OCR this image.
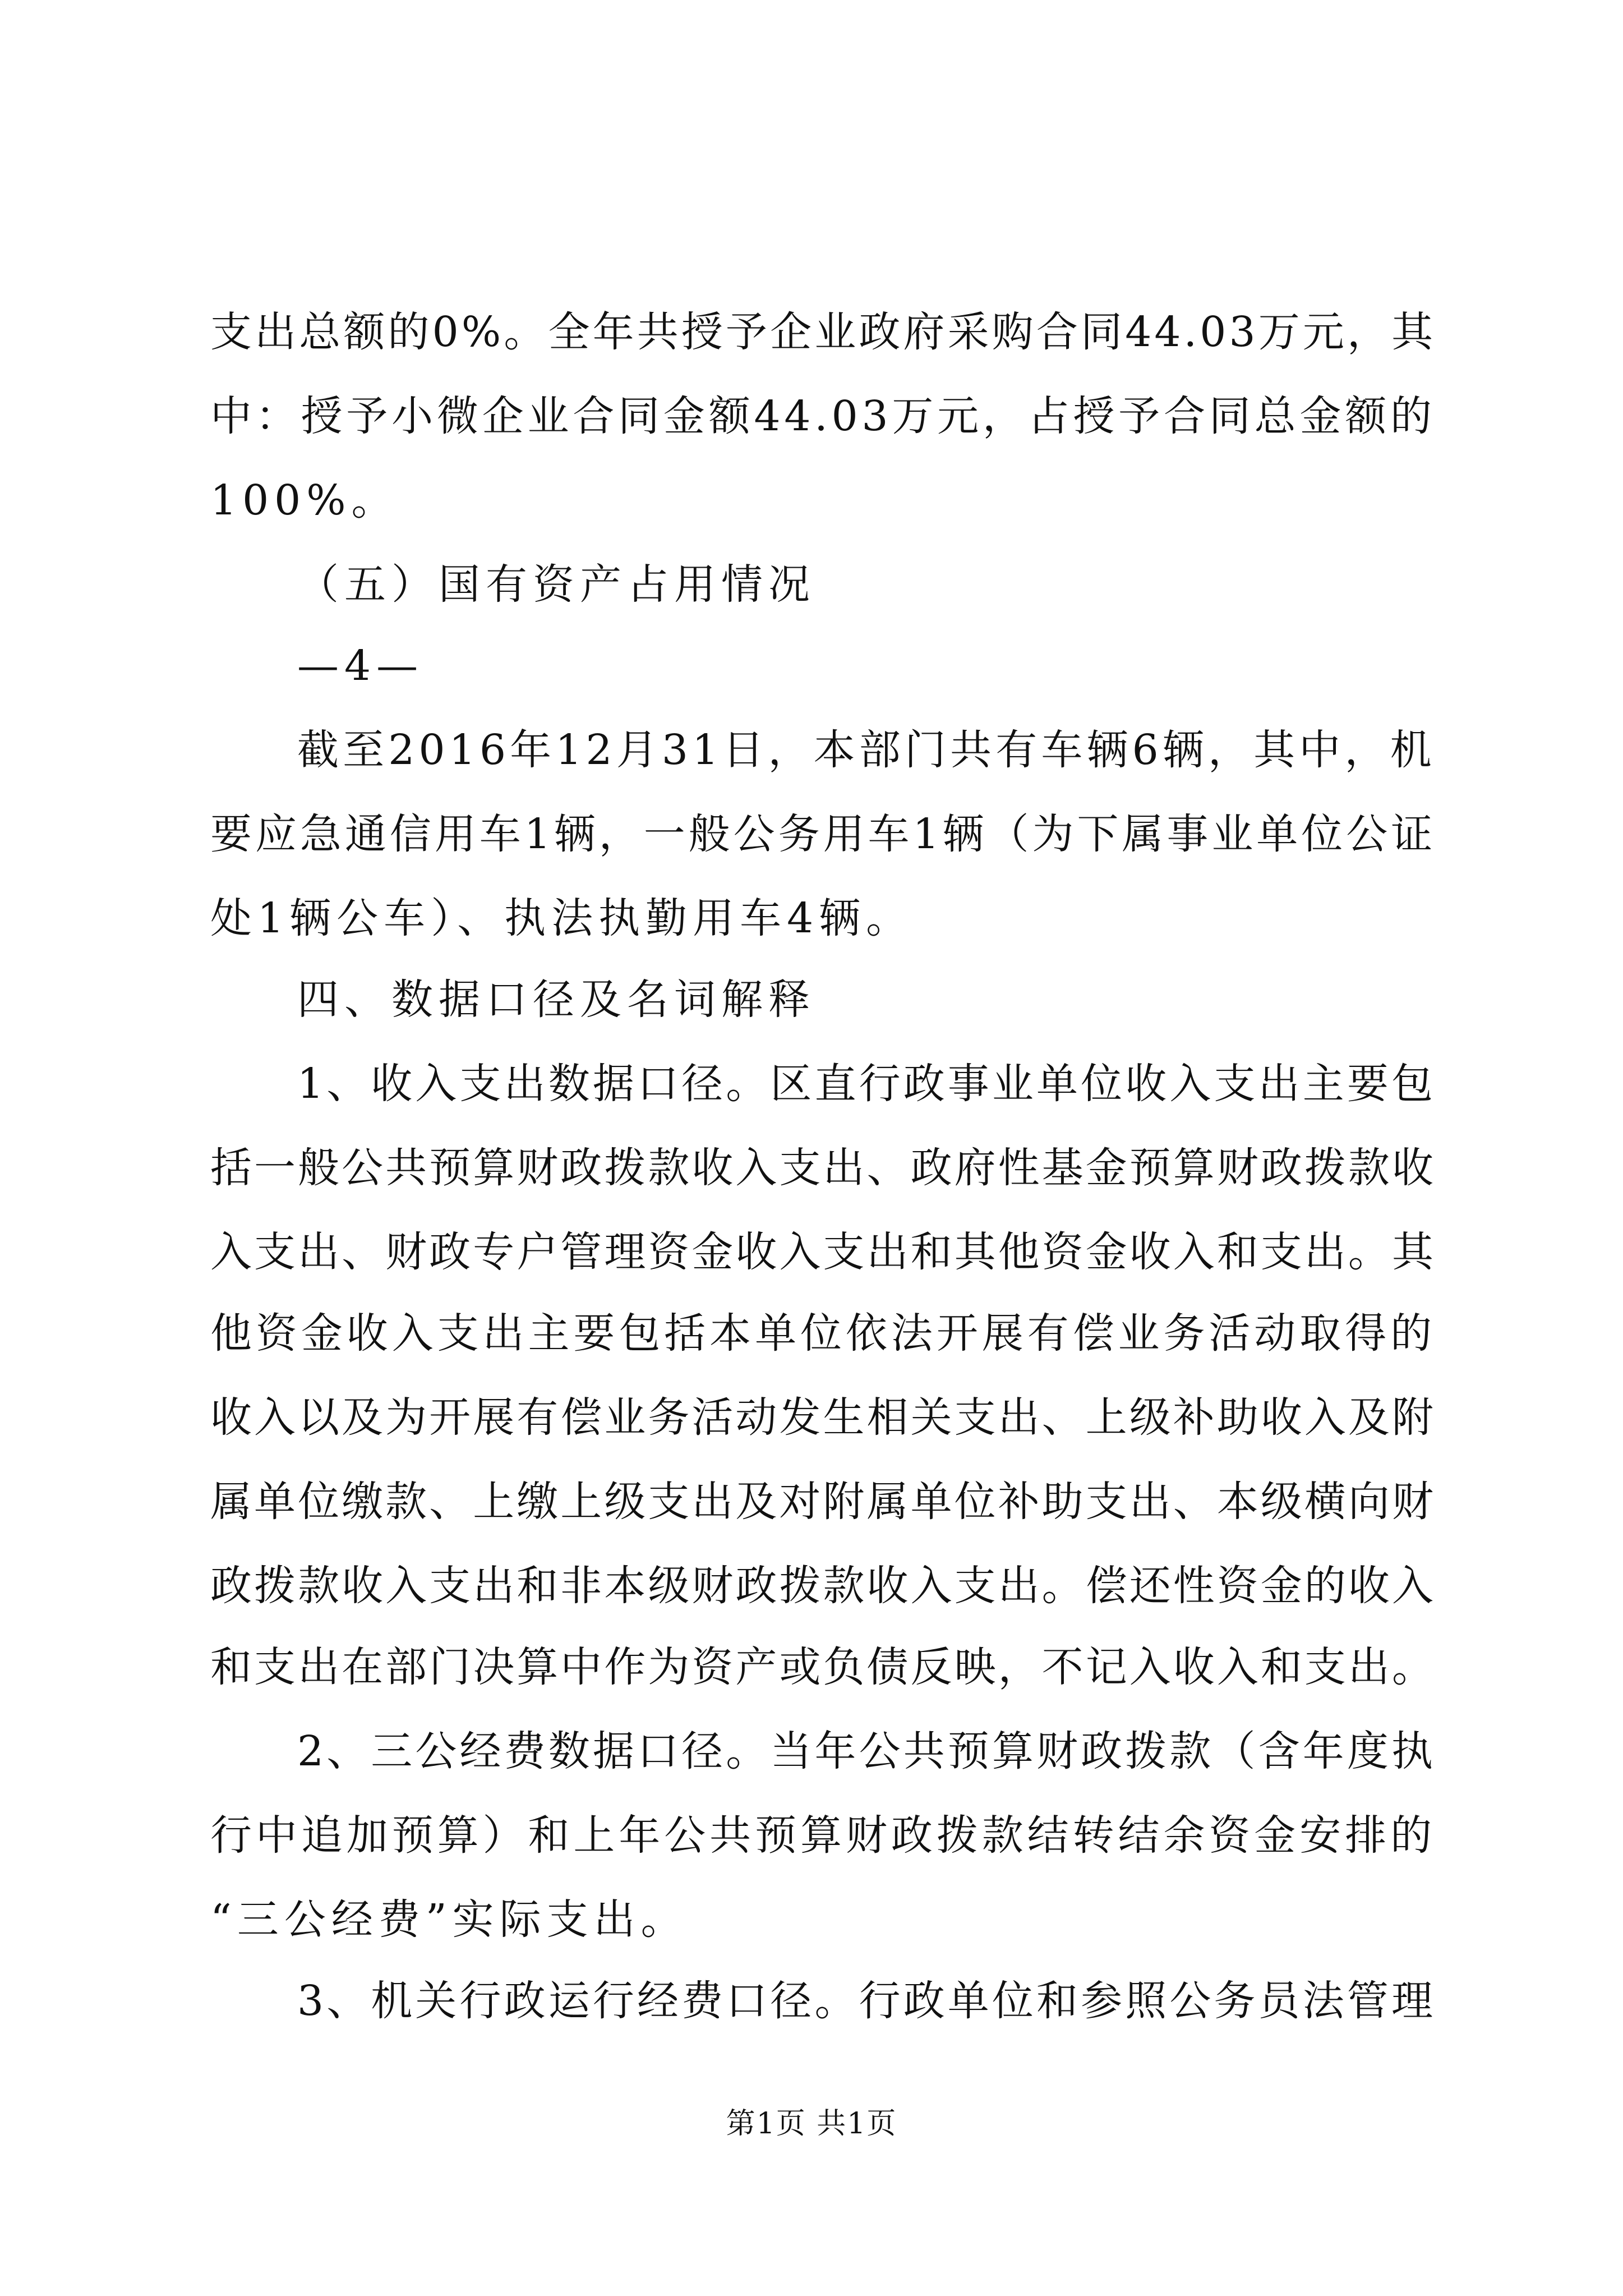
支出总额的0%。全年共授予企业政府采购合同44.03万元，其
中：授予小微企业合同金额44.03万元，占授予合同总金额的
100%。
（五）国有资产占用情况
—4—
截至2016年12月31日，本部门共有车辆6辆，其中，机
要应急通信用车1辆，一般公务用车1辆（为下属事业单位公证
处1辆公车）、执法执勤用车4辆。
四、数据口径及名词解释
1、收入支出数据口径。区直行政事业单位收入支出主要包
括一般公共预算财政拨款收入支出、政府性基金预算财政拨款收
入支出、财政专户管理资金收入支出和其他资金收入和支出。其
他资金收入支出主要包括本单位依法开展有偿业务活动取得的
收入以及为开展有偿业务活动发生相关支出、上级补助收入及附
属单位缴款、上缴上级支出及对附属单位补助支出、本级横向财
政拨款收入支出和非本级财政拨款收入支出。偿还性资金的收入
和支出在部门决算中作为资产或负债反映，不记入收入和支出。
2、三公经费数据口径。当年公共预算财政拨款（含年度执
行中追加预算）和上年公共预算财政拨款结转结余资金安排的
“三公经费”实际支出。
3、机关行政运行经费口径。行政单位和参照公务员法管理
第1页 共1页
